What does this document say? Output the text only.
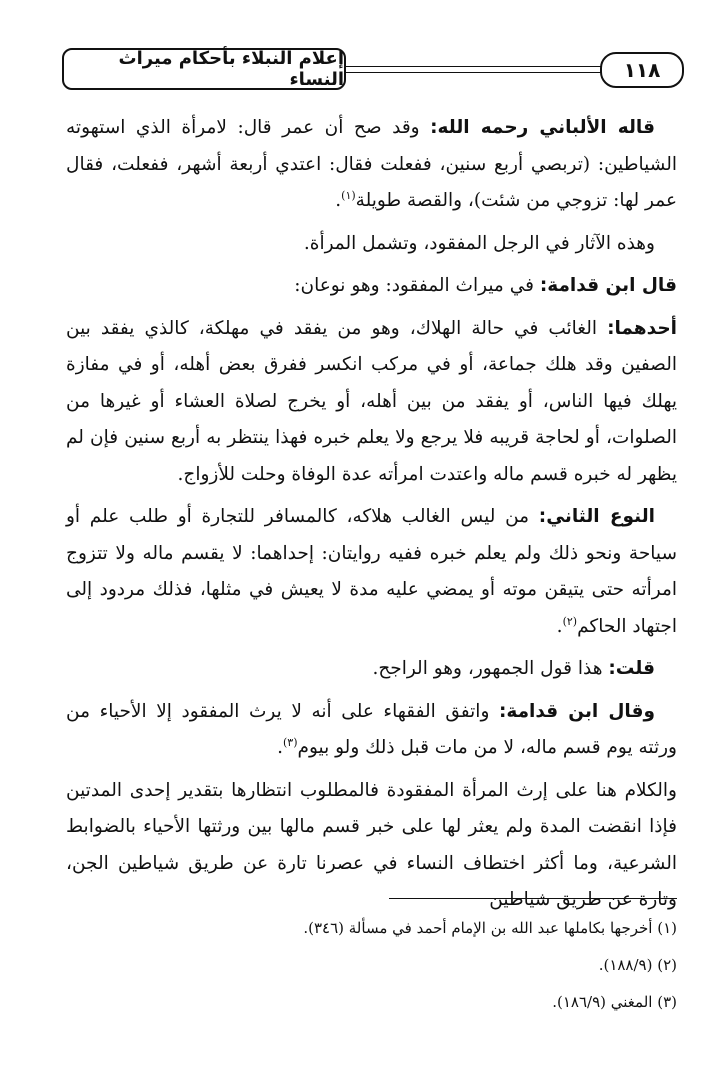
إعلام النبلاء بأحكام ميراث النساء	١١٨

قاله الألباني رحمه الله: وقد صح أن عمر قال: لامرأة الذي استهوته الشياطين: (تربصي أربع سنين، ففعلت فقال: اعتدي أربعة أشهر، ففعلت، فقال عمر لها: تزوجي من شئت)، والقصة طويلة$^{(١)}$.

وهذه الآثار في الرجل المفقود، وتشمل المرأة.

قال ابن قدامة: في ميراث المفقود: وهو نوعان:

أحدهما: الغائب في حالة الهلاك، وهو من يفقد في مهلكة، كالذي يفقد بين الصفين وقد هلك جماعة، أو في مركب انكسر ففرق بعض أهله، أو في مفازة يهلك فيها الناس، أو يفقد من بين أهله، أو يخرج لصلاة العشاء أو غيرها من الصلوات، أو لحاجة قريبه فلا يرجع ولا يعلم خبره فهذا ينتظر به أربع سنين فإن لم يظهر له خبره قسم ماله واعتدت امرأته عدة الوفاة وحلت للأزواج.

النوع الثاني: من ليس الغالب هلاكه، كالمسافر للتجارة أو طلب علم أو سياحة ونحو ذلك ولم يعلم خبره ففيه روايتان: إحداهما: لا يقسم ماله ولا تتزوج امرأته حتى يتيقن موته أو يمضي عليه مدة لا يعيش في مثلها، فذلك مردود إلى اجتهاد الحاكم$^{(٢)}$.

قلت: هذا قول الجمهور، وهو الراجح.

وقال ابن قدامة: واتفق الفقهاء على أنه لا يرث المفقود إلا الأحياء من ورثته يوم قسم ماله، لا من مات قبل ذلك ولو بيوم$^{(٣)}$.

والكلام هنا على إرث المرأة المفقودة فالمطلوب انتظارها بتقدير إحدى المدتين فإذا انقضت المدة ولم يعثر لها على خبر قسم مالها بين ورثتها الأحياء بالضوابط الشرعية، وما أكثر اختطاف النساء في عصرنا تارة عن طريق شياطين الجن، وتارة عن طريق شياطين

(١) أخرجها بكاملها عبد الله بن الإمام أحمد في مسألة (٣٤٦).
(٢) (١٨٨/٩).
(٣) المغني (١٨٦/٩).
